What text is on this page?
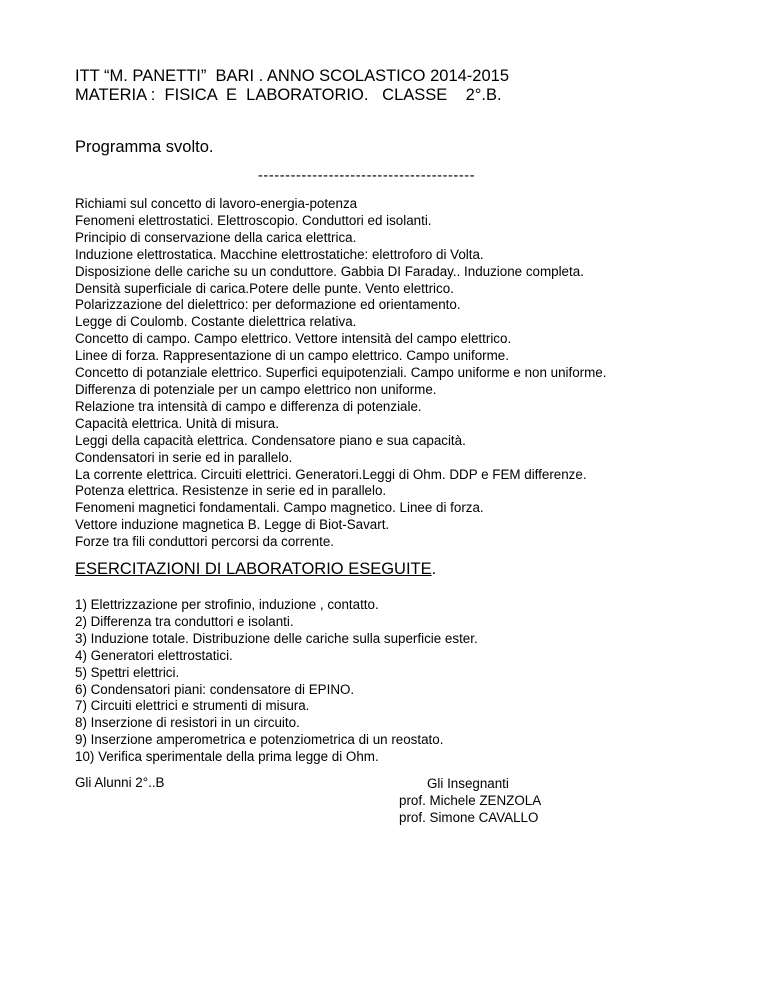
ITT “M. PANETTI”  BARI . ANNO SCOLASTICO 2014-2015
MATERIA :  FISICA  E  LABORATORIO.   CLASSE    2°.B.
Programma svolto.
----------------------------------------
Richiami sul concetto di lavoro-energia-potenza
Fenomeni elettrostatici. Elettroscopio. Conduttori ed isolanti.
Principio di conservazione della carica elettrica.
Induzione elettrostatica. Macchine elettrostatiche: elettroforo di Volta.
Disposizione delle cariche su un conduttore. Gabbia DI Faraday.. Induzione completa.
Densità superficiale di carica.Potere delle punte. Vento elettrico.
Polarizzazione del dielettrico: per deformazione ed orientamento.
Legge di Coulomb. Costante dielettrica relativa.
Concetto di campo. Campo elettrico. Vettore intensità del campo elettrico.
Linee di forza. Rappresentazione di un campo elettrico. Campo uniforme.
Concetto di potanziale elettrico. Superfici equipotenziali. Campo uniforme e non uniforme.
Differenza di potenziale per un campo elettrico non uniforme.
Relazione tra intensità di campo e differenza di potenziale.
Capacità elettrica. Unità di misura.
Leggi della capacità elettrica. Condensatore piano e sua capacità.
Condensatori in serie ed in parallelo.
La corrente elettrica. Circuiti elettrici. Generatori.Leggi di Ohm. DDP e FEM differenze.
Potenza elettrica. Resistenze in serie ed in parallelo.
Fenomeni magnetici fondamentali. Campo magnetico. Linee di forza.
Vettore induzione magnetica B. Legge di Biot-Savart.
Forze tra fili conduttori percorsi da corrente.
ESERCITAZIONI DI LABORATORIO ESEGUITE.
1) Elettrizzazione per strofinio, induzione , contatto.
2) Differenza tra conduttori e isolanti.
3) Induzione totale. Distribuzione delle cariche sulla superficie ester.
4) Generatori elettrostatici.
5) Spettri elettrici.
6) Condensatori piani: condensatore di EPINO.
7) Circuiti elettrici e strumenti di misura.
8) Inserzione di resistori in un circuito.
9) Inserzione amperometrica e potenziometrica di un reostato.
10) Verifica sperimentale della prima legge di Ohm.
Gli Alunni 2°..B	Gli Insegnanti
prof. Michele ZENZOLA
prof. Simone CAVALLO
